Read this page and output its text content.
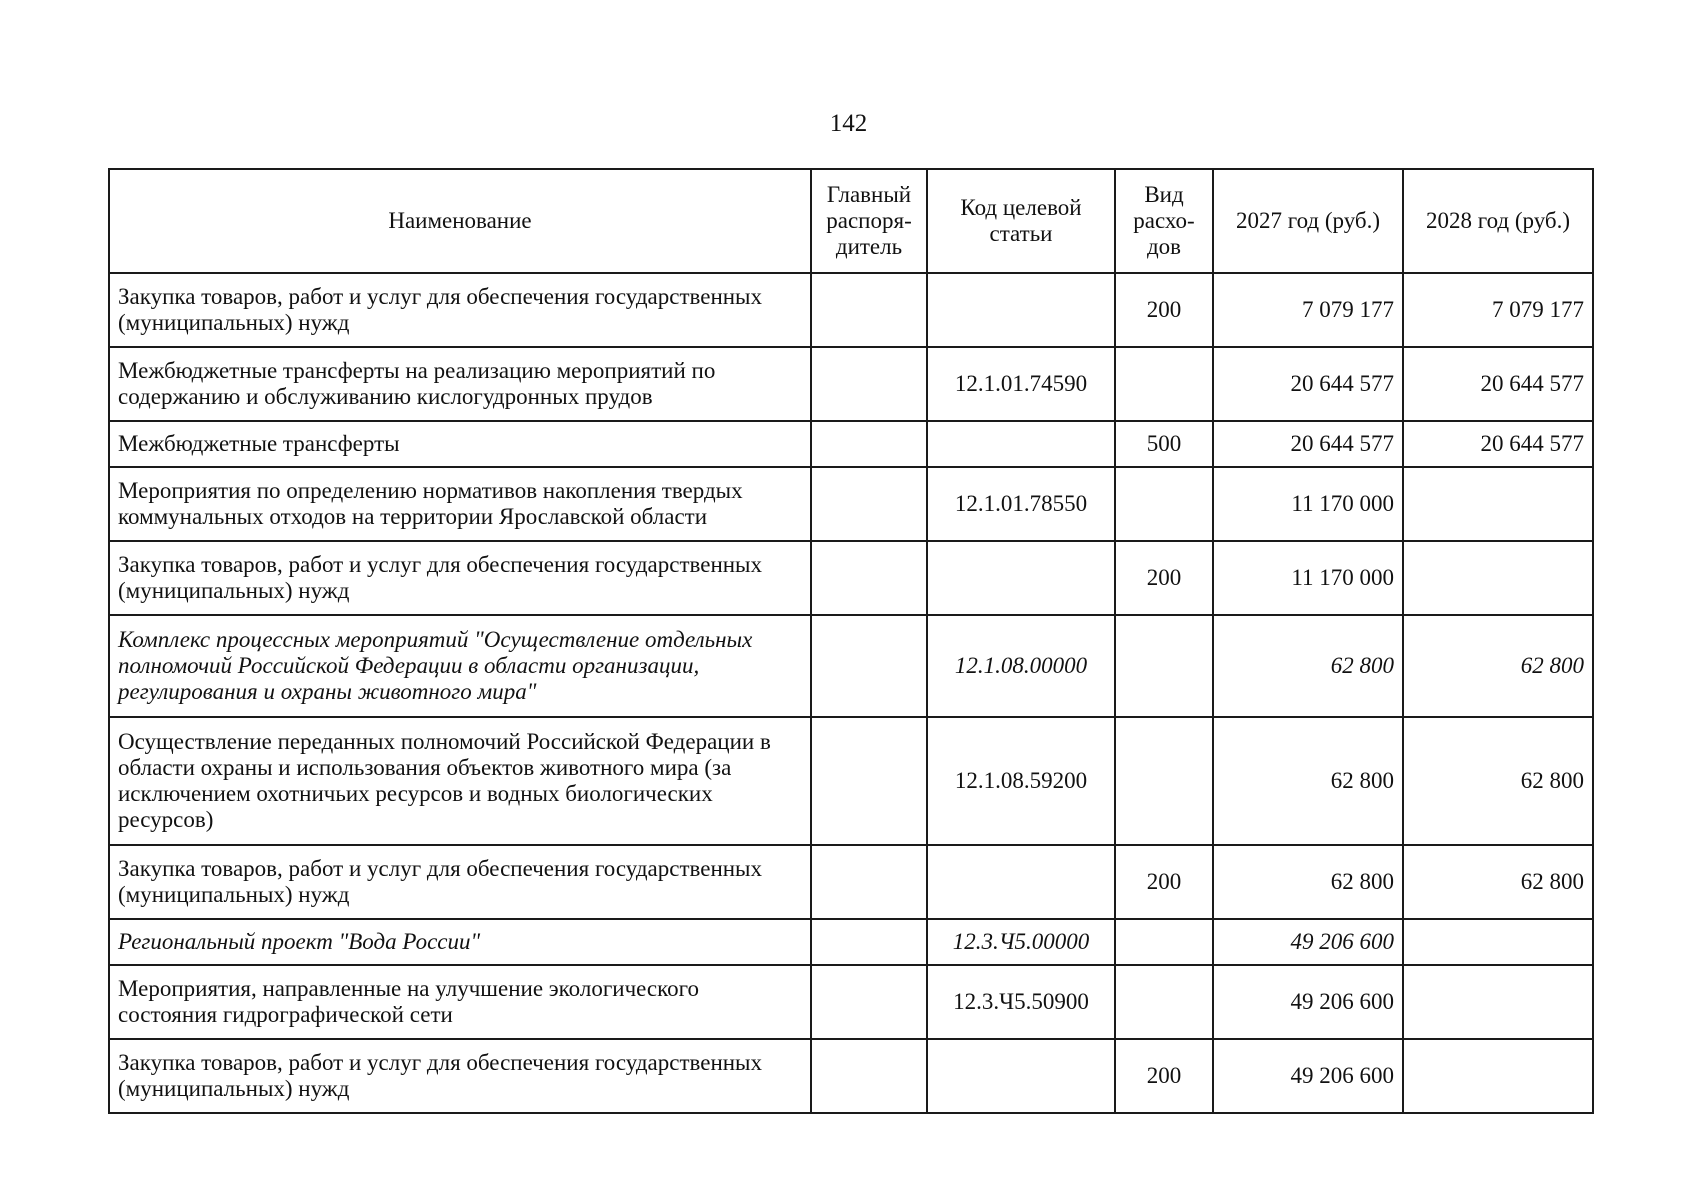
142
Наименование	Главный распоря-дитель	Код целевой статьи	Вид расхо-дов	2027 год (руб.)	2028 год (руб.)
Закупка товаров, работ и услуг для обеспечения государственных (муниципальных) нужд			200	7 079 177	7 079 177
Межбюджетные трансферты на реализацию мероприятий по содержанию и обслуживанию кислогудронных прудов		12.1.01.74590		20 644 577	20 644 577
Межбюджетные трансферты			500	20 644 577	20 644 577
Мероприятия по определению нормативов накопления твердых коммунальных отходов на территории Ярославской области		12.1.01.78550		11 170 000	
Закупка товаров, работ и услуг для обеспечения государственных (муниципальных) нужд			200	11 170 000	
Комплекс процессных мероприятий "Осуществление отдельных полномочий Российской Федерации в области организации, регулирования и охраны животного мира"		12.1.08.00000		62 800	62 800
Осуществление переданных полномочий Российской Федерации в области охраны и использования объектов животного мира (за исключением охотничьих ресурсов и водных биологических ресурсов)		12.1.08.59200		62 800	62 800
Закупка товаров, работ и услуг для обеспечения государственных (муниципальных) нужд			200	62 800	62 800
Региональный проект "Вода России"		12.3.Ч5.00000		49 206 600	
Мероприятия, направленные на улучшение экологического состояния гидрографической сети		12.3.Ч5.50900		49 206 600	
Закупка товаров, работ и услуг для обеспечения государственных (муниципальных) нужд			200	49 206 600	
